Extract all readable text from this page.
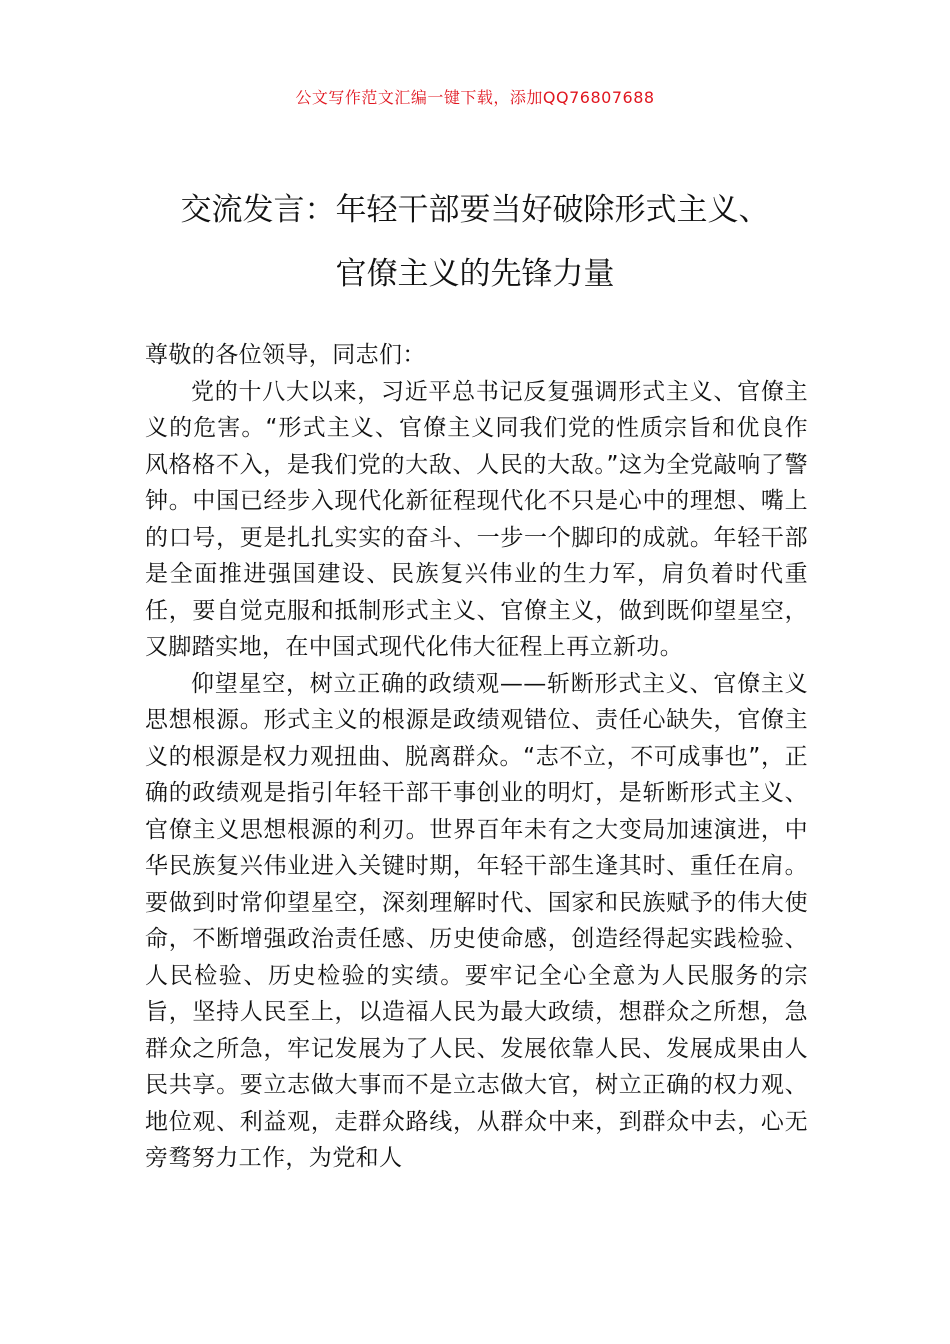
公文写作范文汇编一键下载，添加QQ76807688
交流发言：年轻干部要当好破除形式主义、
官僚主义的先锋力量

尊敬的各位领导，同志们：

党的十八大以来，习近平总书记反复强调形式主义、官僚主义的危害。“形式主义、官僚主义同我们党的性质宗旨和优良作风格格不入，是我们党的大敌、人民的大敌。”这为全党敲响了警钟。中国已经步入现代化新征程现代化不只是心中的理想、嘴上的口号，更是扎扎实实的奋斗、一步一个脚印的成就。年轻干部是全面推进强国建设、民族复兴伟业的生力军，肩负着时代重任，要自觉克服和抵制形式主义、官僚主义，做到既仰望星空，又脚踏实地，在中国式现代化伟大征程上再立新功。

仰望星空，树立正确的政绩观——斩断形式主义、官僚主义思想根源。形式主义的根源是政绩观错位、责任心缺失，官僚主义的根源是权力观扭曲、脱离群众。“志不立，不可成事也”，正确的政绩观是指引年轻干部干事创业的明灯，是斩断形式主义、官僚主义思想根源的利刃。世界百年未有之大变局加速演进，中华民族复兴伟业进入关键时期，年轻干部生逢其时、重任在肩。要做到时常仰望星空，深刻理解时代、国家和民族赋予的伟大使命，不断增强政治责任感、历史使命感，创造经得起实践检验、人民检验、历史检验的实绩。要牢记全心全意为人民服务的宗旨，坚持人民至上，以造福人民为最大政绩，想群众之所想，急群众之所急，牢记发展为了人民、发展依靠人民、发展成果由人民共享。要立志做大事而不是立志做大官，树立正确的权力观、地位观、利益观，走群众路线，从群众中来，到群众中去，心无旁骛努力工作，为党和人
